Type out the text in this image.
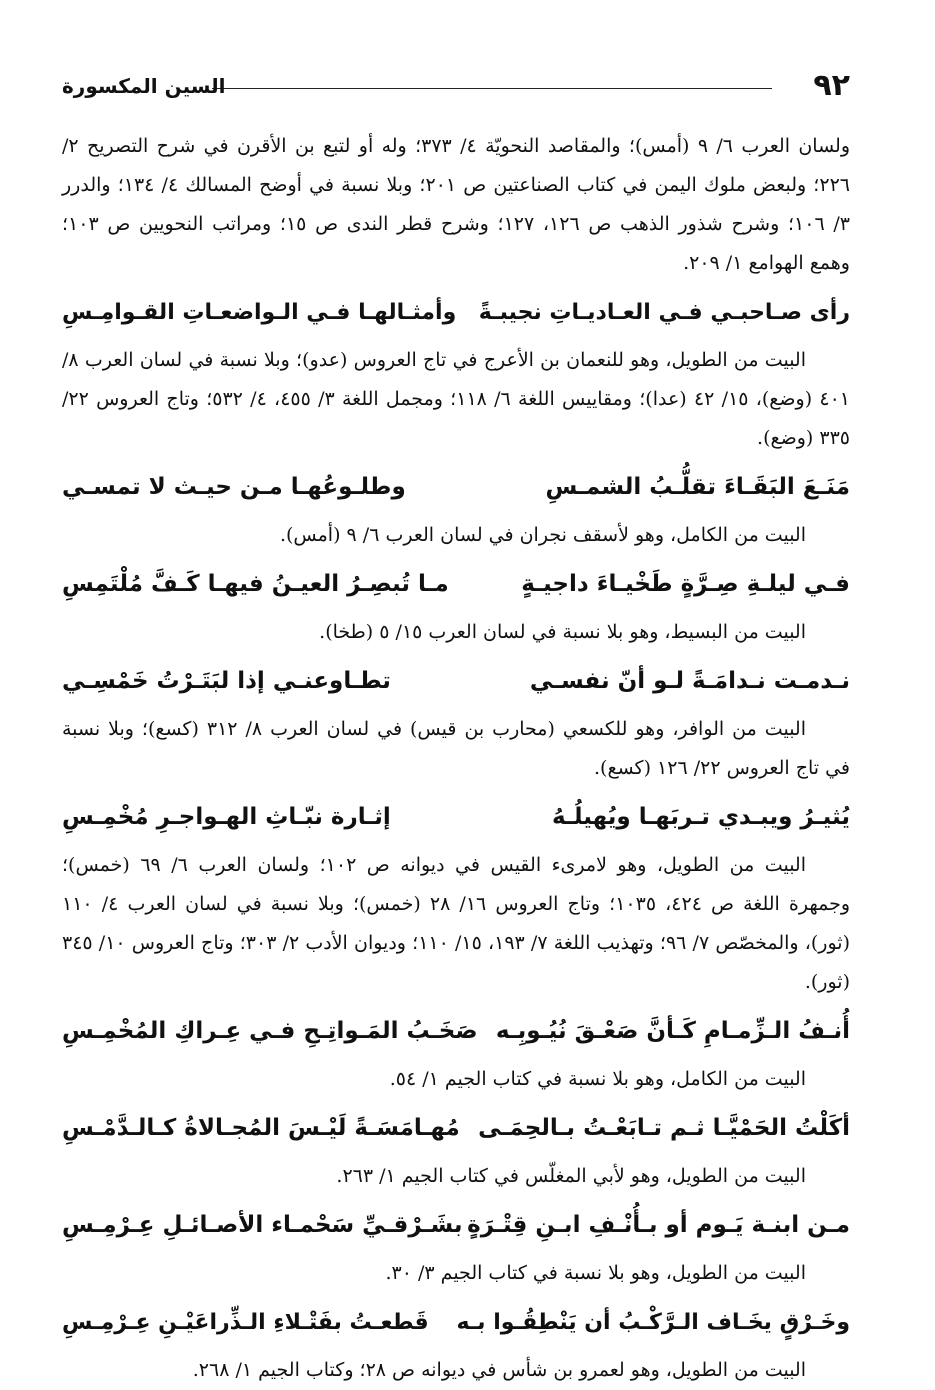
٩٢
السين المكسورة

ولسان العرب ٦/ ٩ (أمس)؛ والمقاصد النحويّة ٤/ ٣٧٣؛ وله أو لتبع بن الأقرن في شرح التصريح ٢/ ٢٢٦؛ ولبعض ملوك اليمن في كتاب الصناعتين ص ٢٠١؛ وبلا نسبة في أوضح المسالك ٤/ ١٣٤؛ والدرر ٣/ ١٠٦؛ وشرح شذور الذهب ص ١٢٦، ١٢٧؛ وشرح قطر الندى ص ١٥؛ ومراتب النحويين ص ١٠٣؛ وهمع الهوامع ١/ ٢٠٩.

رأى صـاحبـي فـي العـاديـاتِ نجيبـةً
وأمثـالهـا فـي الـواضعـاتِ القـوامِـسِ

البيت من الطويل، وهو للنعمان بن الأعرج في تاج العروس (عدو)؛ وبلا نسبة في لسان العرب ٨/ ٤٠١ (وضع)، ١٥/ ٤٢ (عدا)؛ ومقاييس اللغة ٦/ ١١٨؛ ومجمل اللغة ٣/ ٤٥٥، ٤/ ٥٣٢؛ وتاج العروس ٢٢/ ٣٣٥ (وضع).

مَنَـعَ البَقَـاءَ تقلُّـبُ الشمـسِ
وطلـوعُهـا مـن حيـث لا تمسـي

البيت من الكامل، وهو لأسقف نجران في لسان العرب ٦/ ٩ (أمس).

فـي ليلـةِ صِـرَّةٍ طَخْيـاءَ داجيـةٍ
مـا تُبصِـرُ العيـنُ فيهـا كَـفَّ مُلْتَمِسِ

البيت من البسيط، وهو بلا نسبة في لسان العرب ١٥/ ٥ (طخا).

نـدمـت نـدامَـةً لـو أنّ نفسـي
تطـاوعنـي إذا لبَتَـرْتُ خَمْسِـي

البيت من الوافر، وهو للكسعي (محارب بن قيس) في لسان العرب ٨/ ٣١٢ (كسع)؛ وبلا نسبة في تاج العروس ٢٢/ ١٢٦ (كسع).

يُثيـرُ ويبـدي تـربَهـا ويُهيلُـهُ
إثـارة نبّـاثِ الهـواجـرِ مُخْمِـسِ

البيت من الطويل، وهو لامرىء القيس في ديوانه ص ١٠٢؛ ولسان العرب ٦/ ٦٩ (خمس)؛ وجمهرة اللغة ص ٤٢٤، ١٠٣٥؛ وتاج العروس ١٦/ ٢٨ (خمس)؛ وبلا نسبة في لسان العرب ٤/ ١١٠ (ثور)، والمخصّص ٧/ ٩٦؛ وتهذيب اللغة ٧/ ١٩٣، ١٥/ ١١٠؛ وديوان الأدب ٢/ ٣٠٣؛ وتاج العروس ١٠/ ٣٤٥ (ثور).

أُنـفُ الـزِّمـامِ كَـأنَّ صَعْـقَ نُيُـوبِـه
صَخَـبُ المَـواتِـحِ فـي عِـراكِ المُخْمِـسِ

البيت من الكامل، وهو بلا نسبة في كتاب الجيم ١/ ٥٤.

أكَلْتُ الحَمْيَّـا ثـم تـابَعْـتُ بـالحِمَـى
مُهـامَسَـةً لَيْـسَ المُجـالاةُ كـالـدَّمْـسِ

البيت من الطويل، وهو لأبي المغلّس في كتاب الجيم ١/ ٢٦٣.

مـن ابنـة يَـوم أو بـأُنْـفِ ابـنِ قِتْـرَةٍ
بشَـرْقـيِّ سَحْمـاء الأصـائـلِ عِـرْمِـسِ

البيت من الطويل، وهو بلا نسبة في كتاب الجيم ٣/ ٣٠.

وخَـرْقٍ يخَـاف الـرَّكْـبُ أن يَنْطِقُـوا بـه
قَطعـتُ بفَتْـلاءِ الـذِّراعَيْـنِ عِـرْمِـسِ

البيت من الطويل، وهو لعمرو بن شأس في ديوانه ص ٢٨؛ وكتاب الجيم ١/ ٢٦٨.
